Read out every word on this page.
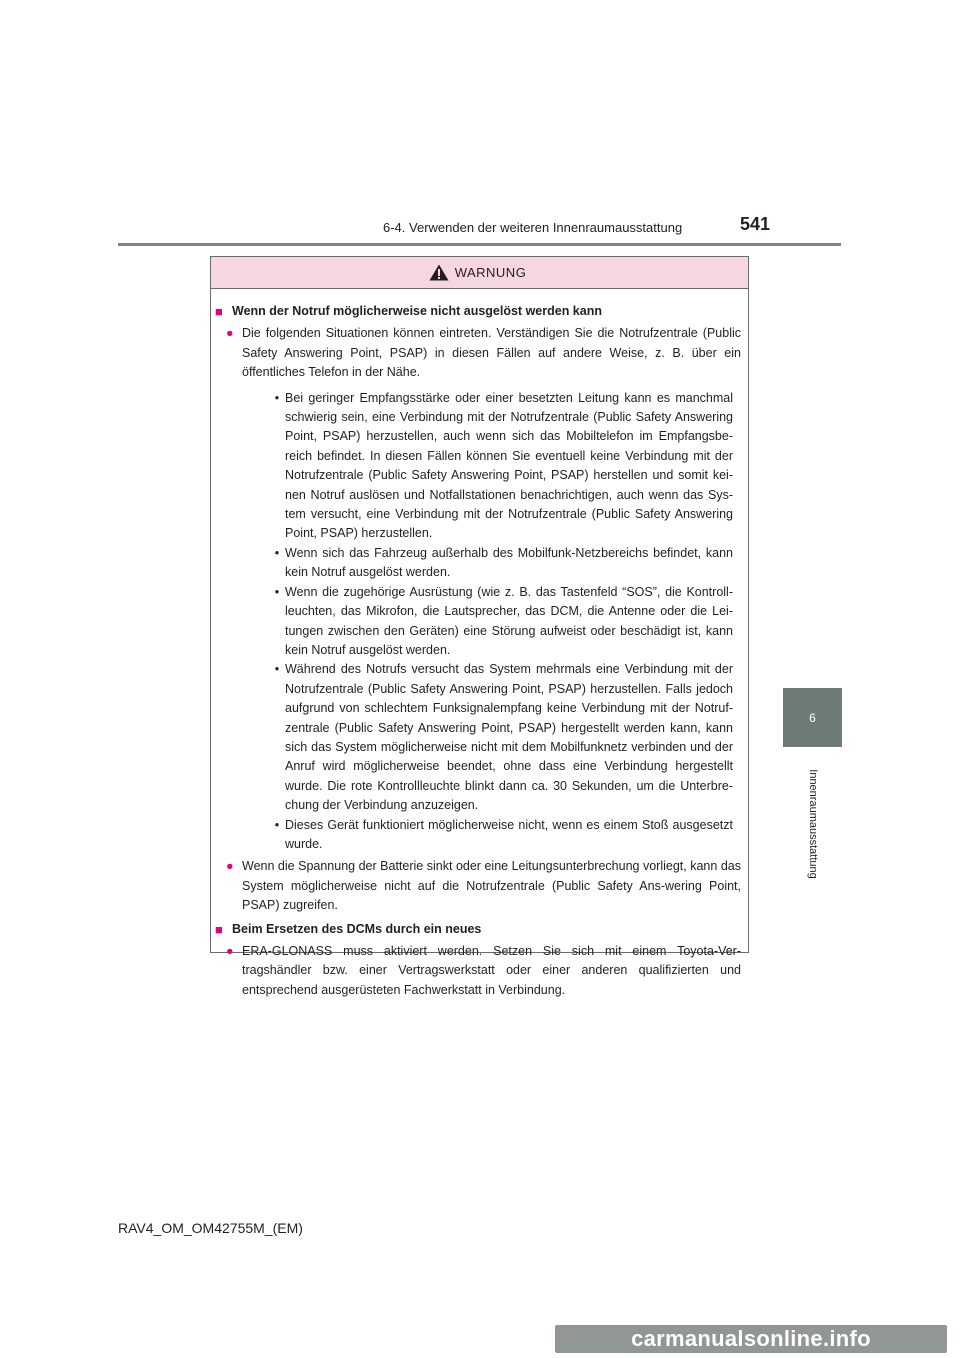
6-4. Verwenden der weiteren Innenraumausstattung	541
6
Innenraumausstattung
WARNUNG
■ Wenn der Notruf möglicherweise nicht ausgelöst werden kann
● Die folgenden Situationen können eintreten. Verständigen Sie die Notrufzentrale (Public Safety Answering Point, PSAP) in diesen Fällen auf andere Weise, z. B. über ein öffentliches Telefon in der Nähe.
• Bei geringer Empfangsstärke oder einer besetzten Leitung kann es manchmal schwierig sein, eine Verbindung mit der Notrufzentrale (Public Safety Answering Point, PSAP) herzustellen, auch wenn sich das Mobiltelefon im Empfangsbe-reich befindet. In diesen Fällen können Sie eventuell keine Verbindung mit der Notrufzentrale (Public Safety Answering Point, PSAP) herstellen und somit kei-nen Notruf auslösen und Notfallstationen benachrichtigen, auch wenn das Sys-tem versucht, eine Verbindung mit der Notrufzentrale (Public Safety Answering Point, PSAP) herzustellen.
• Wenn sich das Fahrzeug außerhalb des Mobilfunk-Netzbereichs befindet, kann kein Notruf ausgelöst werden.
• Wenn die zugehörige Ausrüstung (wie z. B. das Tastenfeld “SOS”, die Kontroll-leuchten, das Mikrofon, die Lautsprecher, das DCM, die Antenne oder die Lei-tungen zwischen den Geräten) eine Störung aufweist oder beschädigt ist, kann kein Notruf ausgelöst werden.
• Während des Notrufs versucht das System mehrmals eine Verbindung mit der Notrufzentrale (Public Safety Answering Point, PSAP) herzustellen. Falls jedoch aufgrund von schlechtem Funksignalempfang keine Verbindung mit der Notruf-zentrale (Public Safety Answering Point, PSAP) hergestellt werden kann, kann sich das System möglicherweise nicht mit dem Mobilfunknetz verbinden und der Anruf wird möglicherweise beendet, ohne dass eine Verbindung hergestellt wurde. Die rote Kontrollleuchte blinkt dann ca. 30 Sekunden, um die Unterbre-chung der Verbindung anzuzeigen.
• Dieses Gerät funktioniert möglicherweise nicht, wenn es einem Stoß ausgesetzt wurde.
● Wenn die Spannung der Batterie sinkt oder eine Leitungsunterbrechung vorliegt, kann das System möglicherweise nicht auf die Notrufzentrale (Public Safety Ans-wering Point, PSAP) zugreifen.
■ Beim Ersetzen des DCMs durch ein neues
● ERA-GLONASS muss aktiviert werden. Setzen Sie sich mit einem Toyota-Ver-tragshändler bzw. einer Vertragswerkstatt oder einer anderen qualifizierten und entsprechend ausgerüsteten Fachwerkstatt in Verbindung.
RAV4_OM_OM42755M_(EM)
carmanualsonline.info
